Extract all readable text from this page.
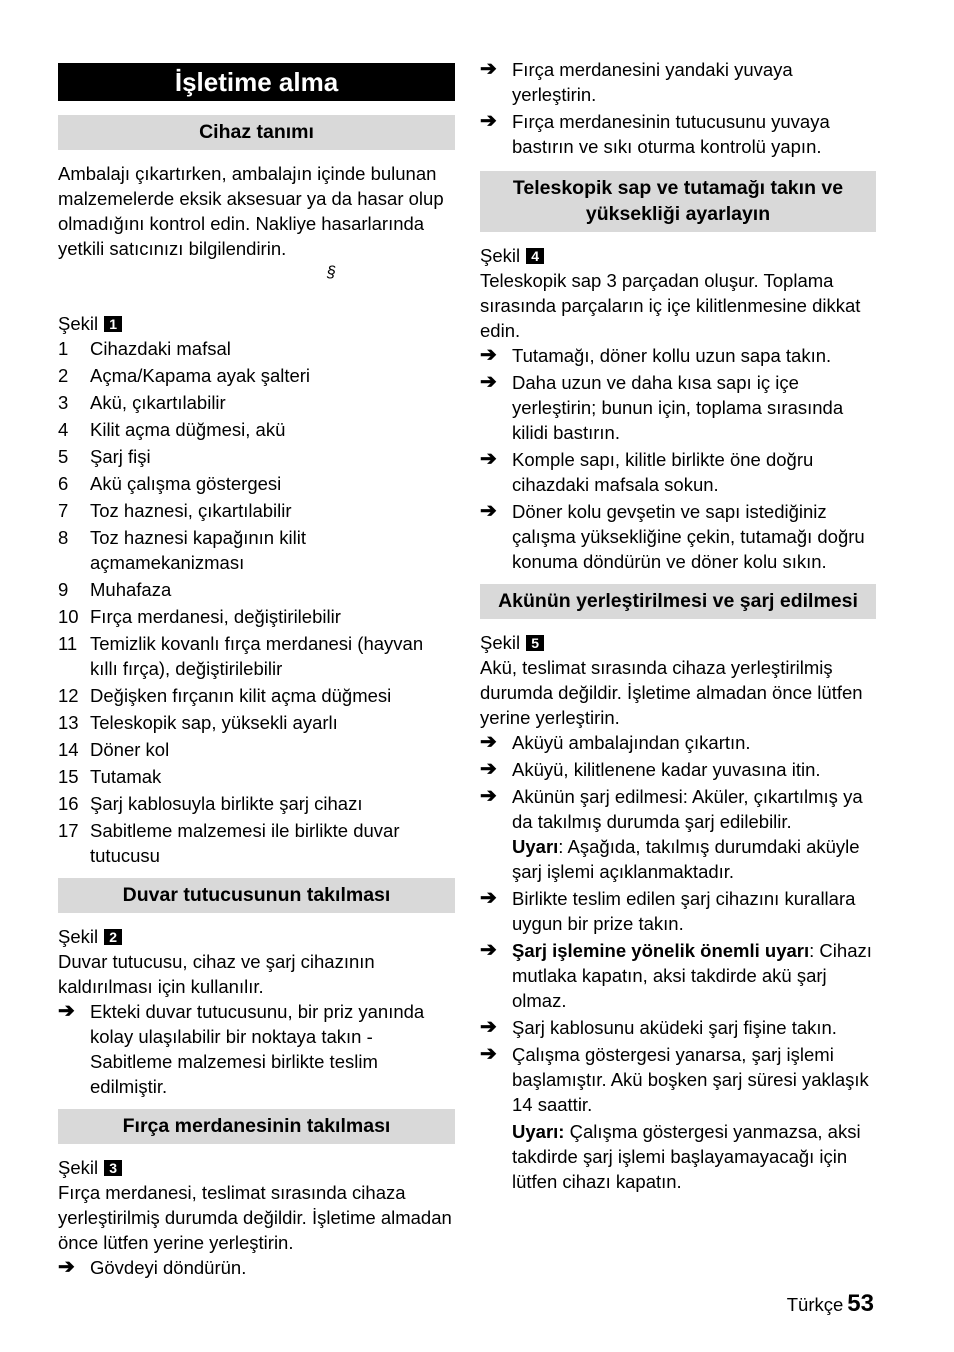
İşletime alma
Cihaz tanımı

Ambalajı çıkartırken, ambalajın içinde bulunan malzemelerde eksik aksesuar ya da hasar olup olmadığını kontrol edin. Nakliye hasarlarında yetkili satıcınızı bilgilendirin.

§

Şekil 1

1	Cihazdaki mafsal
2	Açma/Kapama ayak şalteri
3	Akü, çıkartılabilir
4	Kilit açma düğmesi, akü
5	Şarj fişi
6	Akü çalışma göstergesi
7	Toz haznesi, çıkartılabilir
8	Toz haznesi kapağının kilit açmamekanizması
9	Muhafaza
10 Fırça merdanesi, değiştirilebilir
11 Temizlik kovanlı fırça merdanesi (hayvan kıllı fırça), değiştirilebilir
12 Değişken fırçanın kilit açma düğmesi
13 Teleskopik sap, yüksekli ayarlı
14 Döner kol
15 Tutamak
16 Şarj kablosuyla birlikte şarj cihazı
17 Sabitleme malzemesi ile birlikte duvar tutucusu
Duvar tutucusunun takılması

Şekil 2

Duvar tutucusu, cihaz ve şarj cihazının kaldırılması için kullanılır.

➔ Ekteki duvar tutucusunu, bir priz yanında kolay ulaşılabilir bir noktaya takın - Sabitleme malzemesi birlikte teslim edilmiştir.
Fırça merdanesinin takılması

Şekil 3

Fırça merdanesi, teslimat sırasında cihaza yerleştirilmiş durumda değildir. İşletime almadan önce lütfen yerine yerleştirin.

➔ Gövdeyi döndürün.
➔ Fırça merdanesini yandaki yuvaya yerleştirin.
➔ Fırça merdanesinin tutucusunu yuvaya bastırın ve sıkı oturma kontrolü yapın.
Teleskopik sap ve tutamağı takın ve yüksekliği ayarlayın

Şekil 4

Teleskopik sap 3 parçadan oluşur. Toplama sırasında parçaların iç içe kilitlenmesine dikkat edin.

➔ Tutamağı, döner kollu uzun sapa takın.
➔ Daha uzun ve daha kısa sapı iç içe yerleştirin; bunun için, toplama sırasında kilidi bastırın.
➔ Komple sapı, kilitle birlikte öne doğru cihazdaki mafsala sokun.
➔ Döner kolu gevşetin ve sapı istediğiniz çalışma yüksekliğine çekin, tutamağı doğru konuma döndürün ve döner kolu sıkın.
Akünün yerleştirilmesi ve şarj edilmesi

Şekil 5

Akü, teslimat sırasında cihaza yerleştirilmiş durumda değildir. İşletime almadan önce lütfen yerine yerleştirin.

➔ Aküyü ambalajından çıkartın.
➔ Aküyü, kilitlenene kadar yuvasına itin.
➔ Akünün şarj edilmesi: Aküler, çıkartılmış ya da takılmış durumda şarj edilebilir.
Uyarı: Aşağıda, takılmış durumdaki aküyle şarj işlemi açıklanmaktadır.
➔ Birlikte teslim edilen şarj cihazını kurallara uygun bir prize takın.
➔ Şarj işlemine yönelik önemli uyarı: Cihazı mutlaka kapatın, aksi takdirde akü şarj olmaz.
➔ Şarj kablosunu aküdeki şarj fişine takın.
➔ Çalışma göstergesi yanarsa, şarj işlemi başlamıştır. Akü boşken şarj süresi yaklaşık 14 saattir.
Uyarı: Çalışma göstergesi yanmazsa, aksi takdirde şarj işlemi başlayamayacağı için lütfen cihazı kapatın.
Türkçe 53
